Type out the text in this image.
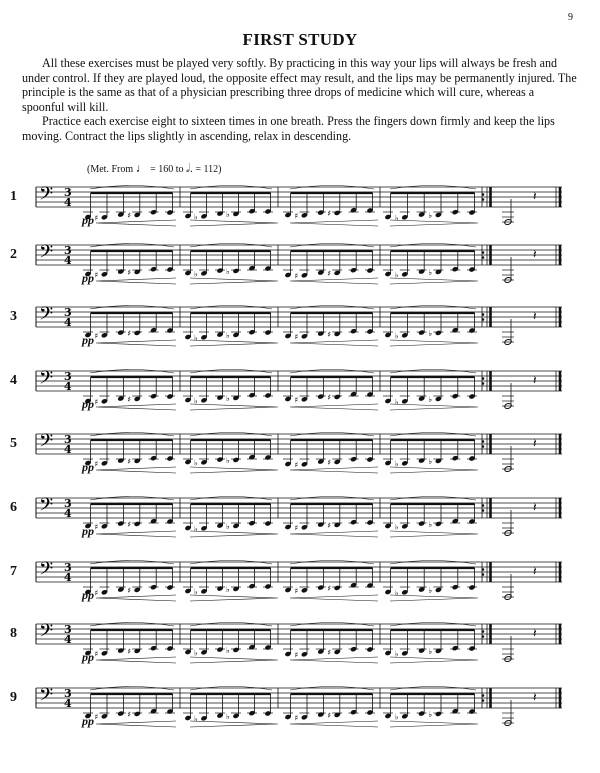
9
FIRST STUDY

All these exercises must be played very softly. By practicing in this way your lips will always be fresh and under control. If they are played loud, the opposite effect may result, and the lips may be permanently injured. The principle is the same as that of a physician prescribing three drops of medicine which will cure, whereas a spoonful will kill.

Practice each exercise eight to sixteen times in one breath. Press the fingers down firmly and keep the lips moving. Contract the lips slightly in ascending, relax in descending.

(Met. From ♩ = 160 to 𝅗𝅥. = 112)
1 𝄢 3
4
♯	♯	♭	♭	♯	♯	♭	♭
𝄽
pp
2 𝄢 3
4
♯	♯	♭	♭	♯	♯	♭	♭
𝄽
pp
3 𝄢 3
4
♯	♯	♭	♭	♯	♯	♭	♭
𝄽
pp
4 𝄢 3
4
♯	♯	♭	♭	♯	♯	♭	♭
𝄽
pp
5 𝄢 3
4
♯	♯	♭	♭	♯	♯	♭	♭
𝄽
pp
6 𝄢 3
4
♯	♯	♭	♭	♯	♯	♭	♭
𝄽
pp
7 𝄢 3
4
♯	♯	♭	♭	♯	♯	♭	♭
𝄽
pp
8 𝄢 3
4
♯	♯	♭	♭	♯	♯	♭	♭
𝄽
pp
9 𝄢 3
4
♯	♯	♭	♭	♯	♯	♭	♭
𝄽
pp
